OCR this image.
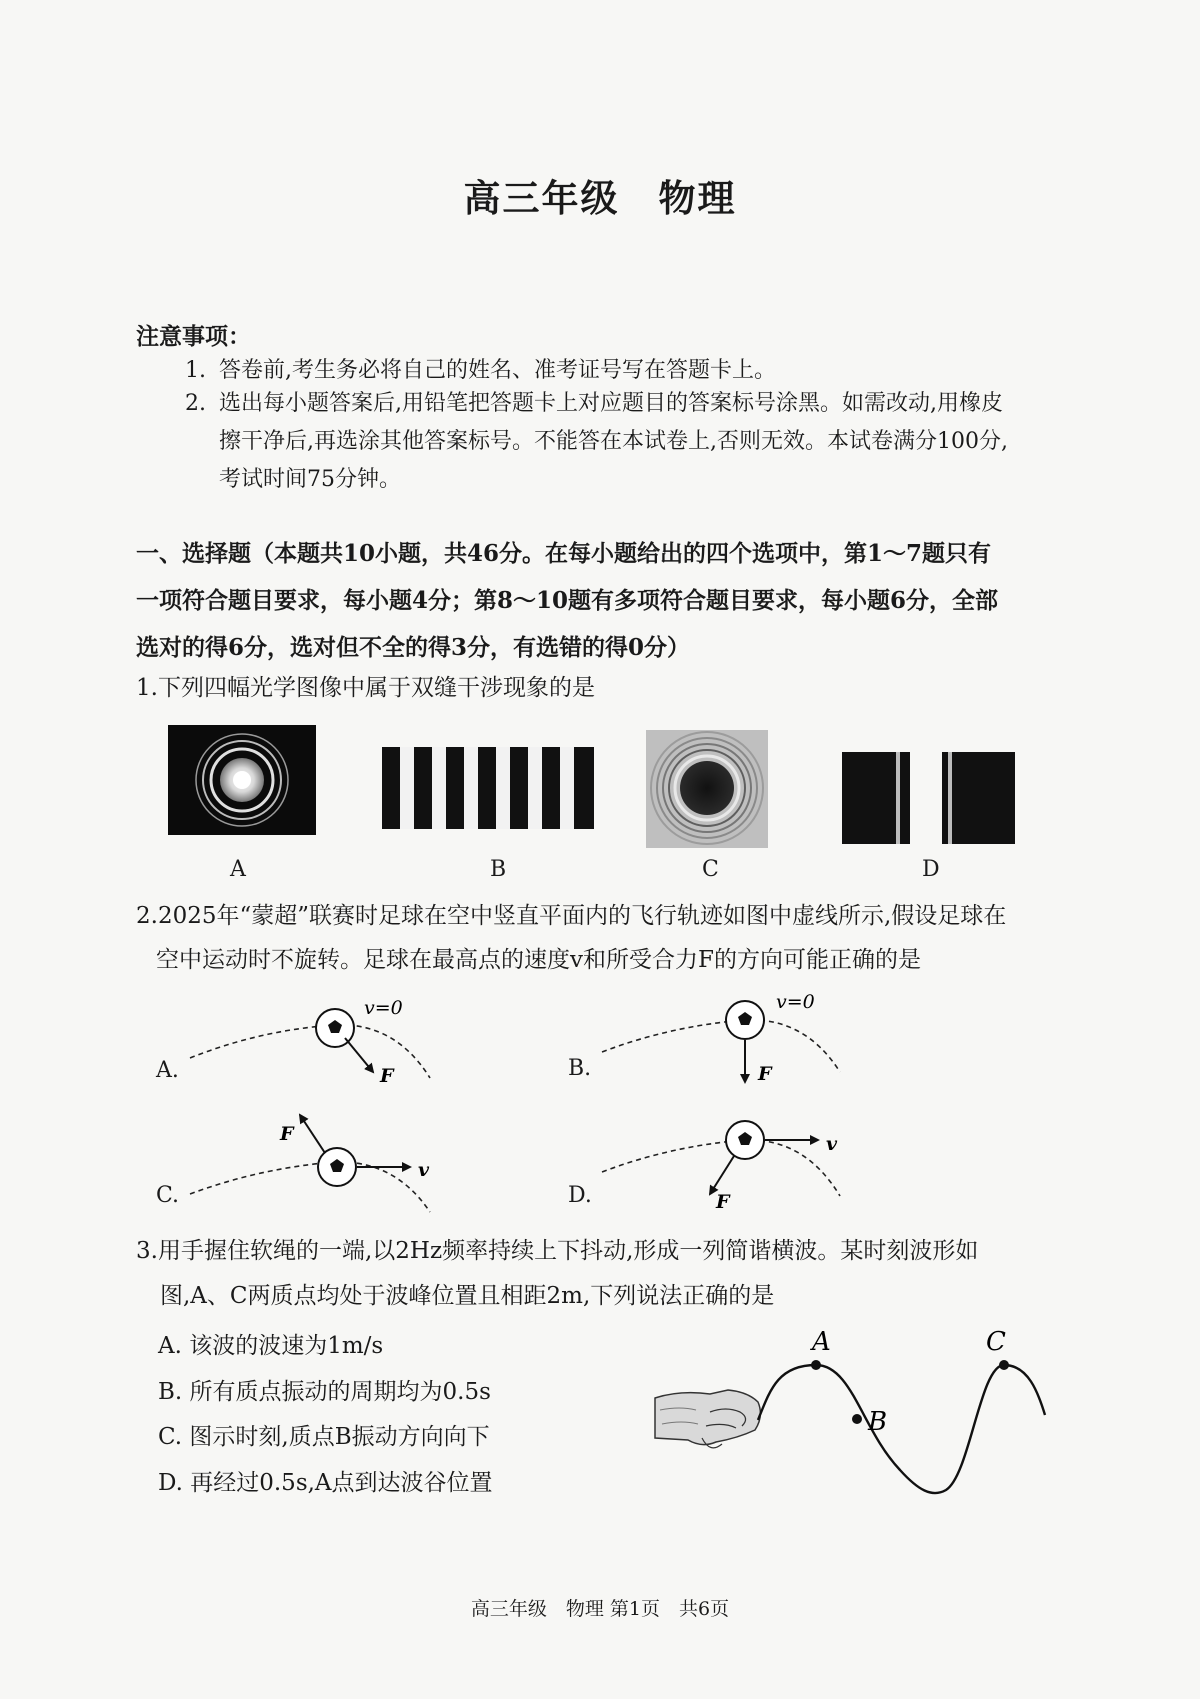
高三年级　物理
注意事项：
1. 答卷前,考生务必将自己的姓名、准考证号写在答题卡上。
2. 选出每小题答案后,用铅笔把答题卡上对应题目的答案标号涂黑。如需改动,用橡皮
擦干净后,再选涂其他答案标号。不能答在本试卷上,否则无效。本试卷满分100分,
考试时间75分钟。
一、选择题（本题共10小题，共46分。在每小题给出的四个选项中，第1～7题只有
一项符合题目要求，每小题4分；第8～10题有多项符合题目要求，每小题6分，全部
选对的得6分，选对但不全的得3分，有选错的得0分）
1.下列四幅光学图像中属于双缝干涉现象的是
A	B	C	D
2.2025年“蒙超”联赛时足球在空中竖直平面内的飞行轨迹如图中虚线所示,假设足球在
空中运动时不旋转。足球在最高点的速度v和所受合力F的方向可能正确的是
v=0
F
v=0
F
v
F	v
F
A.	B.
C.	D.
3.用手握住软绳的一端,以2Hz频率持续上下抖动,形成一列简谐横波。某时刻波形如
图,A、C两质点均处于波峰位置且相距2m,下列说法正确的是
A. 该波的波速为1m/s
B. 所有质点振动的周期均为0.5s
C. 图示时刻,质点B振动方向向下
D. 再经过0.5s,A点到达波谷位置
A
B
C
高三年级　物理 第1页　共6页
